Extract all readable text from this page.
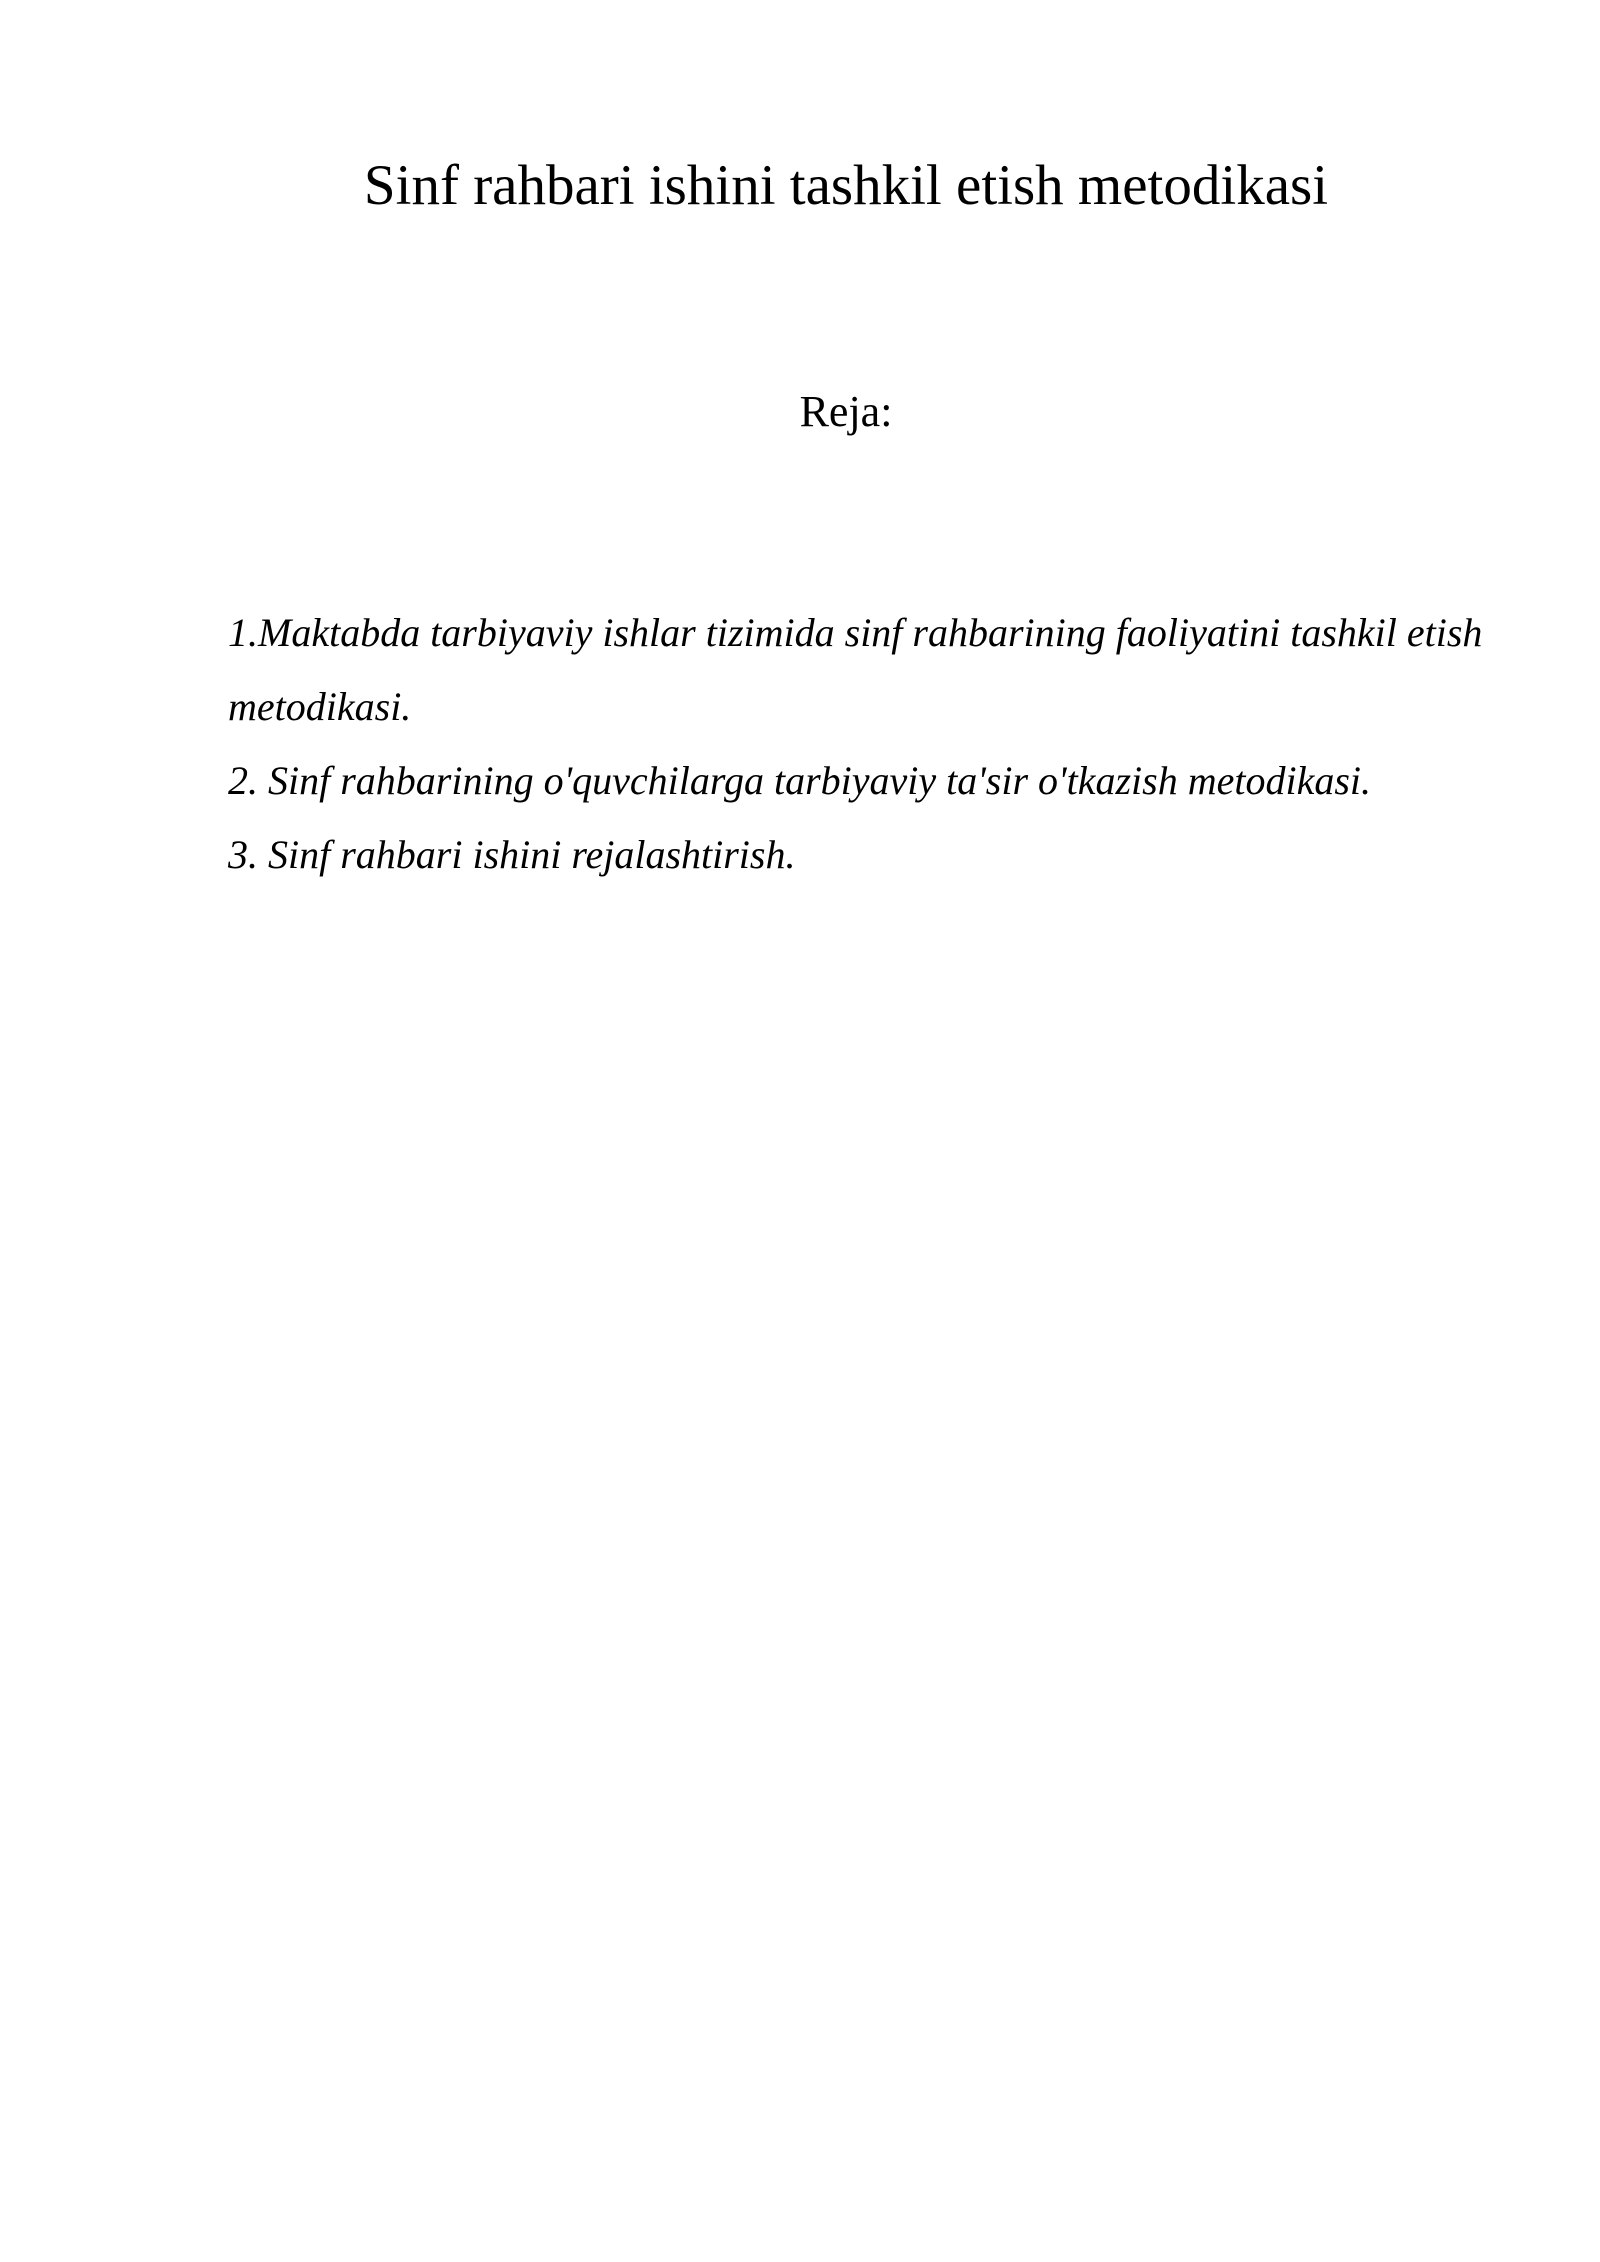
Sinf rahbari ishini tashkil etish metodikasi
Reja:
1.Maktabda tarbiyaviy ishlar tizimida sinf rahbarining faoliyatini tashkil etish metodikasi.
2. Sinf rahbarining o'quvchilarga tarbiyaviy ta'sir o'tkazish metodikasi.
3. Sinf rahbari ishini rejalashtirish.
